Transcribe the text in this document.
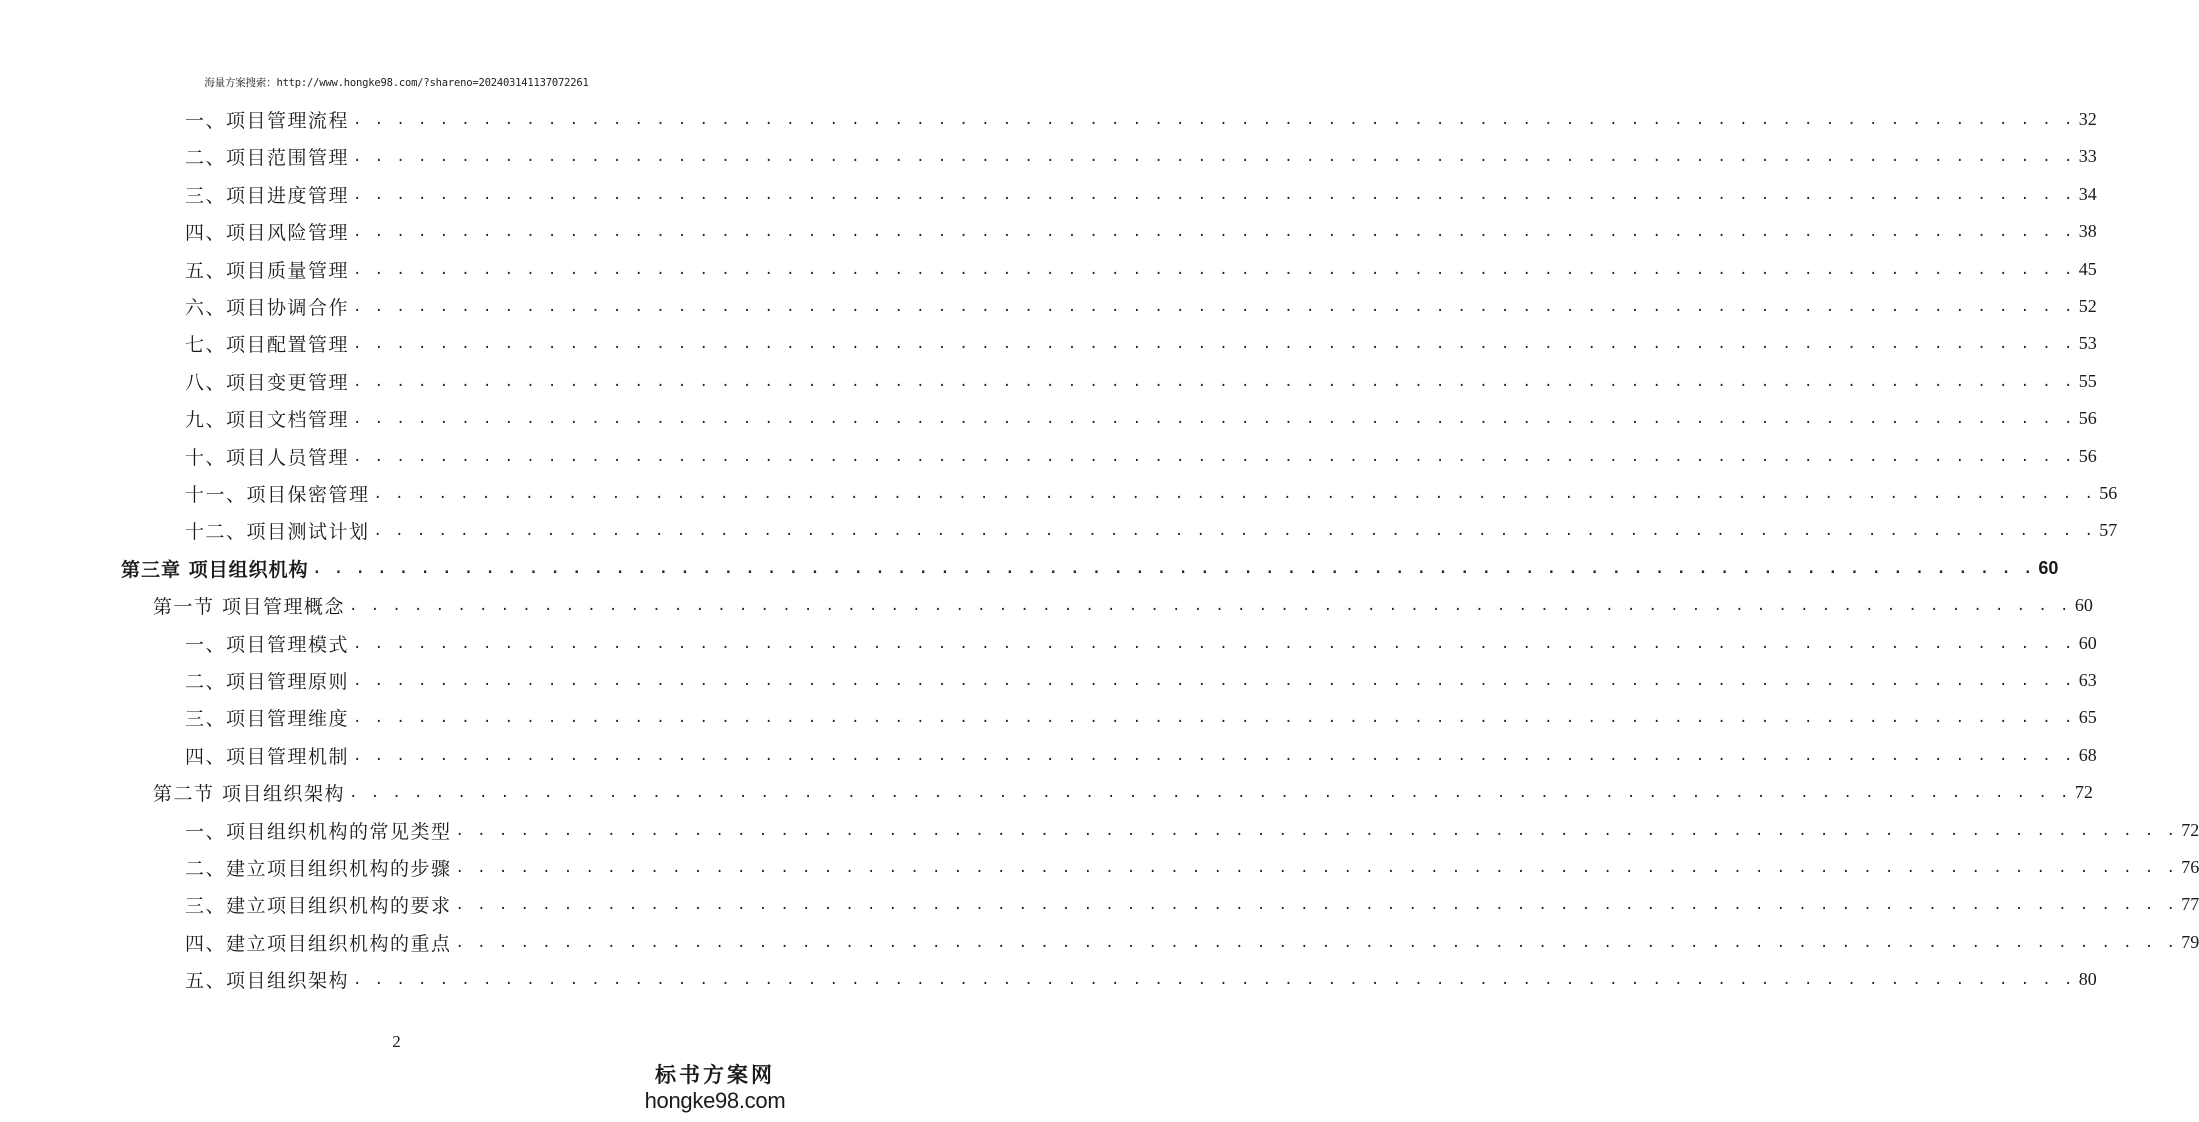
海量方案搜索：http://www.hongke98.com/?shareno=202403141137072261
一、项目管理流程 . . . . . . . . . . . . . . . . . . . . . . . . . . . . . . . . . . . . . . . . . . . . . . . . . . . . . . . . . . . . . . . . . . . . . . . . . . . . . . . . 32
二、项目范围管理 . . . . . . . . . . . . . . . . . . . . . . . . . . . . . . . . . . . . . . . . . . . . . . . . . . . . . . . . . . . . . . . . . . . . . . . . . . . . . . . . 33
三、项目进度管理 . . . . . . . . . . . . . . . . . . . . . . . . . . . . . . . . . . . . . . . . . . . . . . . . . . . . . . . . . . . . . . . . . . . . . . . . . . . . . . . . 34
四、项目风险管理 . . . . . . . . . . . . . . . . . . . . . . . . . . . . . . . . . . . . . . . . . . . . . . . . . . . . . . . . . . . . . . . . . . . . . . . . . . . . . . . . 38
五、项目质量管理 . . . . . . . . . . . . . . . . . . . . . . . . . . . . . . . . . . . . . . . . . . . . . . . . . . . . . . . . . . . . . . . . . . . . . . . . . . . . . . . . 45
六、项目协调合作 . . . . . . . . . . . . . . . . . . . . . . . . . . . . . . . . . . . . . . . . . . . . . . . . . . . . . . . . . . . . . . . . . . . . . . . . . . . . . . . . 52
七、项目配置管理 . . . . . . . . . . . . . . . . . . . . . . . . . . . . . . . . . . . . . . . . . . . . . . . . . . . . . . . . . . . . . . . . . . . . . . . . . . . . . . . . 53
八、项目变更管理 . . . . . . . . . . . . . . . . . . . . . . . . . . . . . . . . . . . . . . . . . . . . . . . . . . . . . . . . . . . . . . . . . . . . . . . . . . . . . . . . 55
九、项目文档管理 . . . . . . . . . . . . . . . . . . . . . . . . . . . . . . . . . . . . . . . . . . . . . . . . . . . . . . . . . . . . . . . . . . . . . . . . . . . . . . . . 56
十、项目人员管理 . . . . . . . . . . . . . . . . . . . . . . . . . . . . . . . . . . . . . . . . . . . . . . . . . . . . . . . . . . . . . . . . . . . . . . . . . . . . . . . . 56
十一、项目保密管理 . . . . . . . . . . . . . . . . . . . . . . . . . . . . . . . . . . . . . . . . . . . . . . . . . . . . . . . . . . . . . . . . . . . . . . . . . . . . . . . . 56
十二、项目测试计划 . . . . . . . . . . . . . . . . . . . . . . . . . . . . . . . . . . . . . . . . . . . . . . . . . . . . . . . . . . . . . . . . . . . . . . . . . . . . . . . . 57
第三章 项目组织机构 . . . . . . . . . . . . . . . . . . . . . . . . . . . . . . . . . . . . . . . . . . . . . . . . . . . . . . . . . . . . . . . . . . . . . . . . . . . . . . . . 60
第一节 项目管理概念 . . . . . . . . . . . . . . . . . . . . . . . . . . . . . . . . . . . . . . . . . . . . . . . . . . . . . . . . . . . . . . . . . . . . . . . . . . . . . . . . 60
一、项目管理模式 . . . . . . . . . . . . . . . . . . . . . . . . . . . . . . . . . . . . . . . . . . . . . . . . . . . . . . . . . . . . . . . . . . . . . . . . . . . . . . . . 60
二、项目管理原则 . . . . . . . . . . . . . . . . . . . . . . . . . . . . . . . . . . . . . . . . . . . . . . . . . . . . . . . . . . . . . . . . . . . . . . . . . . . . . . . . 63
三、项目管理维度 . . . . . . . . . . . . . . . . . . . . . . . . . . . . . . . . . . . . . . . . . . . . . . . . . . . . . . . . . . . . . . . . . . . . . . . . . . . . . . . . 65
四、项目管理机制 . . . . . . . . . . . . . . . . . . . . . . . . . . . . . . . . . . . . . . . . . . . . . . . . . . . . . . . . . . . . . . . . . . . . . . . . . . . . . . . . 68
第二节 项目组织架构 . . . . . . . . . . . . . . . . . . . . . . . . . . . . . . . . . . . . . . . . . . . . . . . . . . . . . . . . . . . . . . . . . . . . . . . . . . . . . . . . 72
一、项目组织机构的常见类型 . . . . . . . . . . . . . . . . . . . . . . . . . . . . . . . . . . . . . . . . . . . . . . . . . . . . . . . . . . . . . . . . . . . . . . . . . . . . . . . . 72
二、建立项目组织机构的步骤 . . . . . . . . . . . . . . . . . . . . . . . . . . . . . . . . . . . . . . . . . . . . . . . . . . . . . . . . . . . . . . . . . . . . . . . . . . . . . . . . 76
三、建立项目组织机构的要求 . . . . . . . . . . . . . . . . . . . . . . . . . . . . . . . . . . . . . . . . . . . . . . . . . . . . . . . . . . . . . . . . . . . . . . . . . . . . . . . . 77
四、建立项目组织机构的重点 . . . . . . . . . . . . . . . . . . . . . . . . . . . . . . . . . . . . . . . . . . . . . . . . . . . . . . . . . . . . . . . . . . . . . . . . . . . . . . . . 79
五、项目组织架构 . . . . . . . . . . . . . . . . . . . . . . . . . . . . . . . . . . . . . . . . . . . . . . . . . . . . . . . . . . . . . . . . . . . . . . . . . . . . . . . . 80
2
标书方案网
hongke98.com
